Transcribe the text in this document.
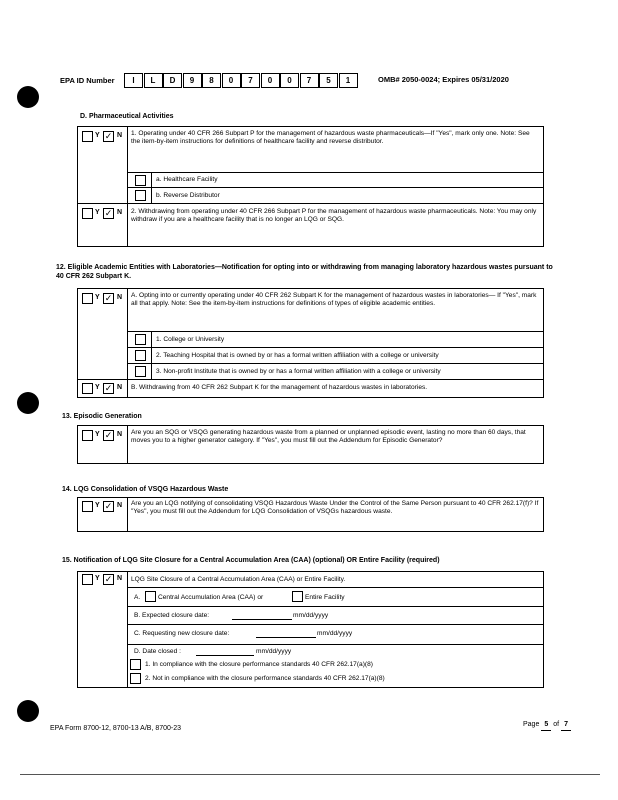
EPA ID Number	I	L	D	9	8	0	7	0	0	7	5	1	OMB# 2050-0024; Expires 05/31/2020
D. Pharmaceutical Activities
Y ✓ N 1. Operating under 40 CFR 266 Subpart P for the management of hazardous waste pharmaceuticals—If "Yes", mark only one. Note: See the item-by-item instructions for definitions of healthcare facility and reverse distributor.
a. Healthcare Facility
b. Reverse Distributor
Y ✓ N 2. Withdrawing from operating under 40 CFR 266 Subpart P for the management of hazardous waste pharmaceuticals. Note: You may only withdraw if you are a healthcare facility that is no longer an LQG or SQG.
12. Eligible Academic Entities with Laboratories—Notification for opting into or withdrawing from managing laboratory hazardous wastes pursuant to 40 CFR 262 Subpart K.
Y ✓ N A. Opting into or currently operating under 40 CFR 262 Subpart K for the management of hazardous wastes in laboratories— If "Yes", mark all that apply. Note: See the item-by-item instructions for definitions of types of eligible academic entities.
1. College or University
2. Teaching Hospital that is owned by or has a formal written affiliation with a college or university
3. Non-profit Institute that is owned by or has a formal written affiliation with a college or university
Y ✓ N B. Withdrawing from 40 CFR 262 Subpart K for the management of hazardous wastes in laboratories.
13. Episodic Generation
Y ✓ N Are you an SQG or VSQG generating hazardous waste from a planned or unplanned episodic event, lasting no more than 60 days, that moves you to a higher generator category. If "Yes", you must fill out the Addendum for Episodic Generator?
14. LQG Consolidation of VSQG Hazardous Waste
Y ✓ N Are you an LQG notifying of consolidating VSQG Hazardous Waste Under the Control of the Same Person pursuant to 40 CFR 262.17(f)? If "Yes", you must fill out the Addendum for LQG Consolidation of VSQGs hazardous waste.
15. Notification of LQG Site Closure for a Central Accumulation Area (CAA) (optional) OR Entire Facility (required)
Y ✓ N LQG Site Closure of a Central Accumulation Area (CAA) or Entire Facility.
A.	Central Accumulation Area (CAA) or	Entire Facility
B. Expected closure date:	mm/dd/yyyy
C. Requesting new closure date:	mm/dd/yyyy
D. Date closed :	mm/dd/yyyy
1. In compliance with the closure performance standards 40 CFR 262.17(a)(8)
2. Not in compliance with the closure performance standards 40 CFR 262.17(a)(8)
EPA Form 8700-12, 8700-13 A/B, 8700-23
Page 5 of 7
